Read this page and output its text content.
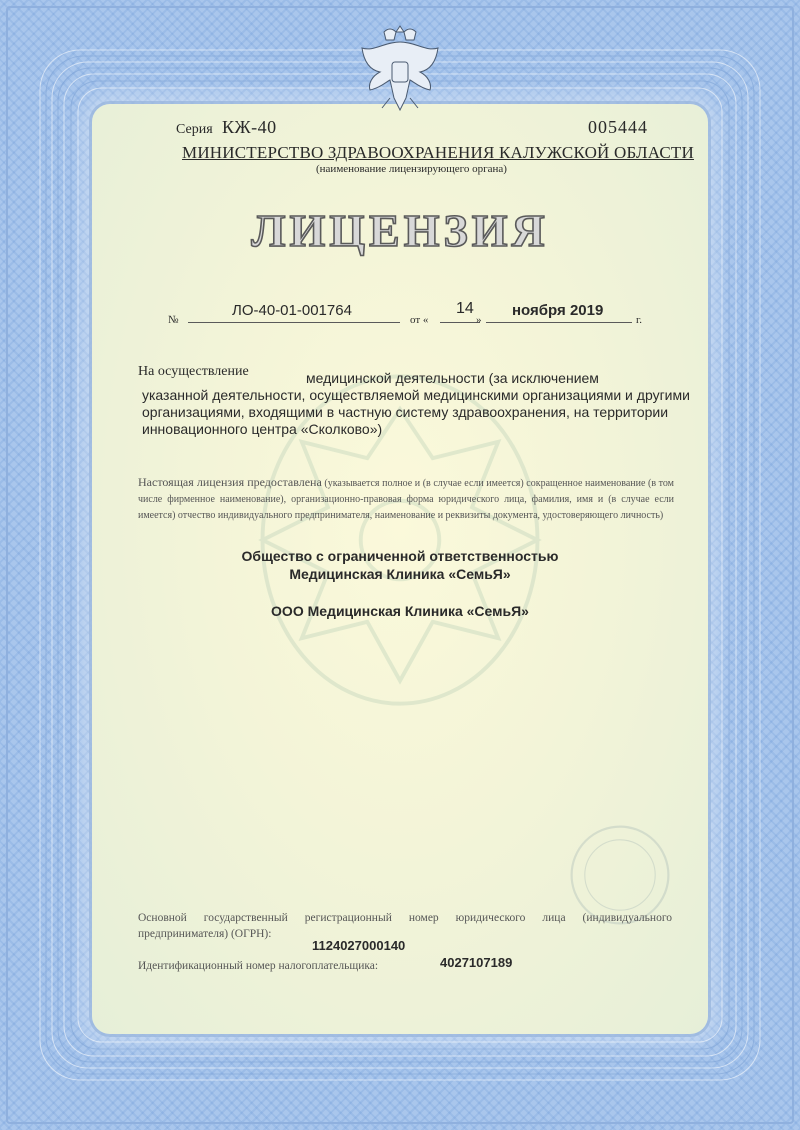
Серия КЖ-40	005444
МИНИСТЕРСТВО ЗДРАВООХРАНЕНИЯ КАЛУЖСКОЙ ОБЛАСТИ
(наименование лицензирующего органа)
ЛИЦЕНЗИЯ
№
ЛО-40-01-001764
от «
14
»
ноября 2019
г.
На осуществление	медицинской деятельности (за исключением
указанной деятельности, осуществляемой медицинскими организациями и другими организациями, входящими в частную систему здравоохранения, на территории инновационного центра «Сколково»)
Настоящая лицензия предоставлена (указывается полное и (в случае если имеется) сокращенное наименование (в том числе фирменное наименование), организационно-правовая форма юридического лица, фамилия, имя и (в случае если имеется) отчество индивидуального предпринимателя, наименование и реквизиты документа, удостоверяющего личность)
Общество с ограниченной ответственностью
Медицинская Клиника «СемьЯ»
ООО Медицинская Клиника «СемьЯ»
Основной государственный регистрационный номер юридического лица (индивидуального предпринимателя) (ОГРН):
1124027000140
Идентификационный номер налогоплательщика:	4027107189
